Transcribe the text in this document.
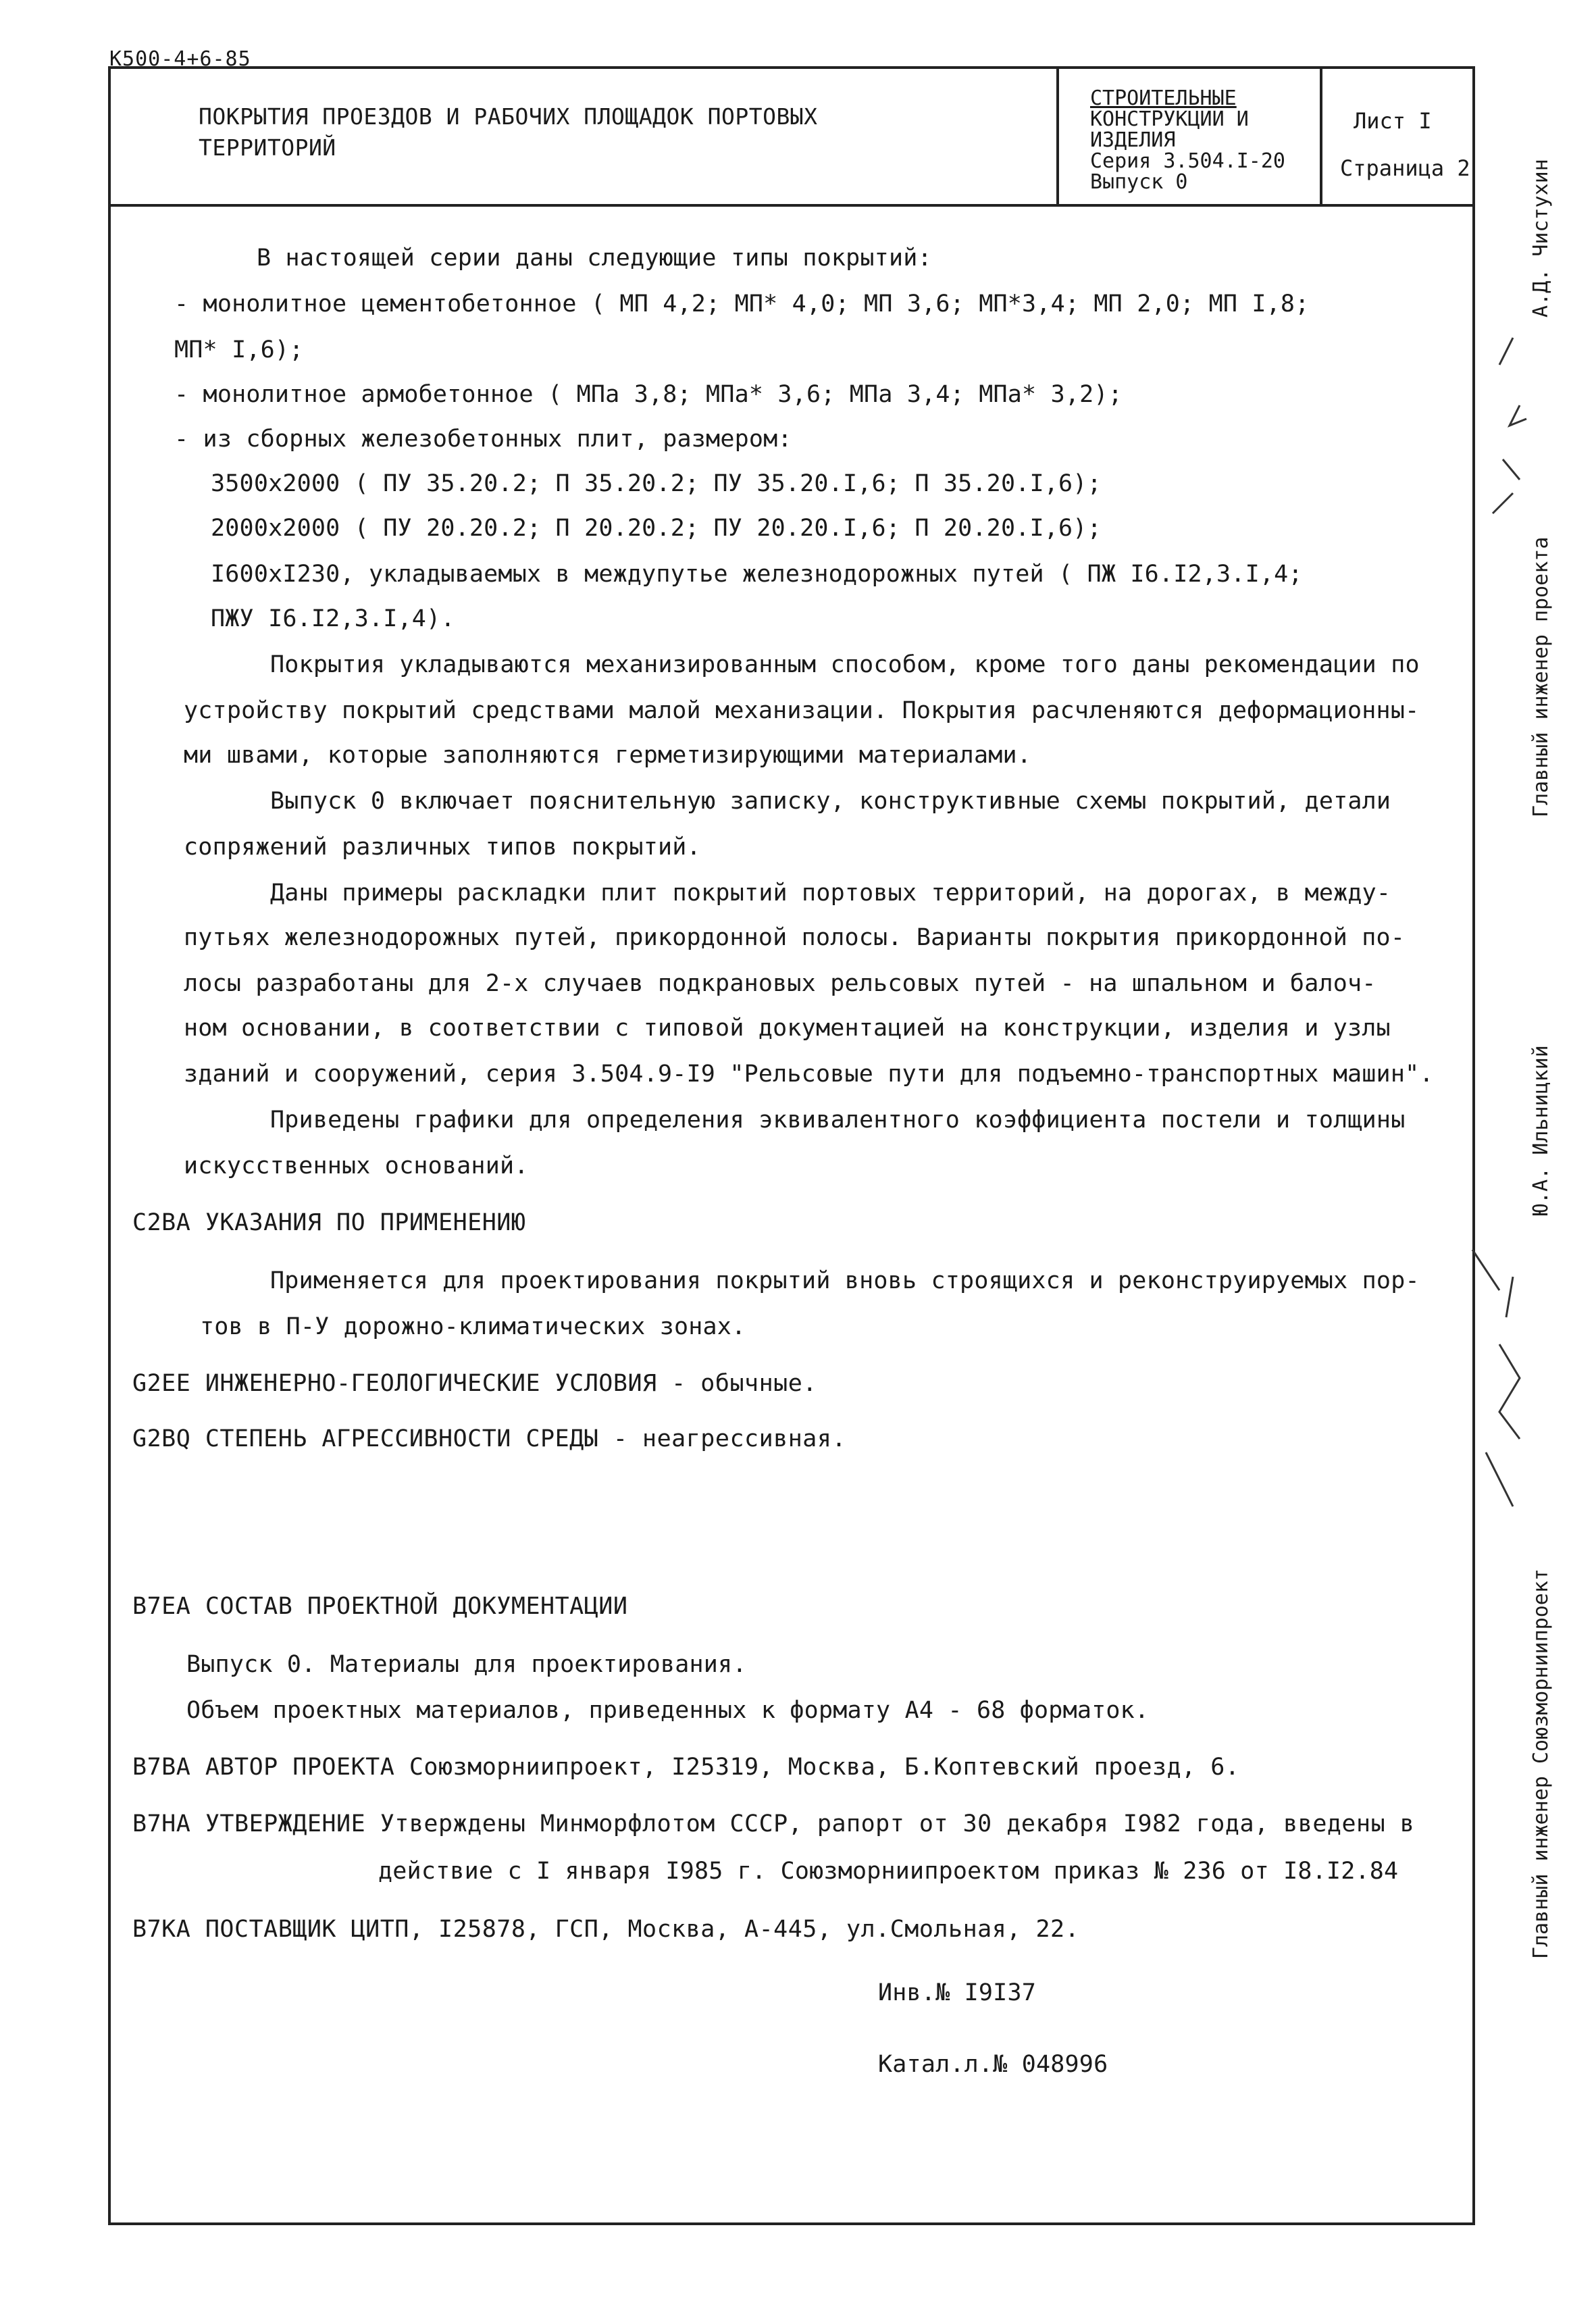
К500-4+6-85
ПОКРЫТИЯ ПРОЕЗДОВ И РАБОЧИХ ПЛОЩАДОК ПОРТОВЫХ
ТЕРРИТОРИЙ
СТРОИТЕЛЬНЫЕ
КОНСТРУКЦИИ И
ИЗДЕЛИЯ
Серия 3.504.I-20
Выпуск 0
Лист I
Страница 2
В настоящей серии даны следующие типы покрытий:
- монолитное цементобетонное ( МП 4,2; МП* 4,0; МП 3,6; МП*3,4; МП 2,0; МП I,8;
МП* I,6);
- монолитное армобетонное ( МПа 3,8; МПа* 3,6; МПа 3,4; МПа* 3,2);
- из сборных железобетонных плит, размером:
3500x2000 ( ПУ 35.20.2; П 35.20.2; ПУ 35.20.I,6; П 35.20.I,6);
2000x2000 ( ПУ 20.20.2; П 20.20.2; ПУ 20.20.I,6; П 20.20.I,6);
I600xI230, укладываемых в междупутье железнодорожных путей ( ПЖ I6.I2,3.I,4;
ПЖУ I6.I2,3.I,4).
Покрытия укладываются механизированным способом, кроме того даны рекомендации по
устройству покрытий средствами малой механизации. Покрытия расчленяются деформационны-
ми швами, которые заполняются герметизирующими материалами.
Выпуск 0 включает пояснительную записку, конструктивные схемы покрытий, детали
сопряжений различных типов покрытий.
Даны примеры раскладки плит покрытий портовых территорий, на дорогах, в между-
путьях железнодорожных путей, прикордонной полосы. Варианты покрытия прикордонной по-
лосы разработаны для 2-х случаев подкрановых рельсовых путей - на шпальном и балоч-
ном основании, в соответствии с типовой документацией на конструкции, изделия и узлы
зданий и сооружений, серия 3.504.9-I9 "Рельсовые пути для подъемно-транспортных машин".
Приведены графики для определения эквивалентного коэффициента постели и толщины
искусственных оснований.
С2ВА УКАЗАНИЯ ПО ПРИМЕНЕНИЮ
Применяется для проектирования покрытий вновь строящихся и реконструируемых пор-
тов в П-У дорожно-климатических зонах.
G2ЕЕ ИНЖЕНЕРНО-ГЕОЛОГИЧЕСКИЕ УСЛОВИЯ - обычные.
G2ВQ СТЕПЕНЬ АГРЕССИВНОСТИ СРЕДЫ - неагрессивная.
В7ЕА СОСТАВ ПРОЕКТНОЙ ДОКУМЕНТАЦИИ
Выпуск 0. Материалы для проектирования.
Объем проектных материалов, приведенных к формату А4 - 68 форматок.
В7ВА АВТОР ПРОЕКТА Союзморниипроект, I25319, Москва, Б.Коптевский проезд, 6.
В7НА УТВЕРЖДЕНИЕ Утверждены Минморфлотом СССР, рапорт от 30 декабря I982 года, введены в
действие с I января I985 г. Союзморниипроектом приказ № 236 от I8.I2.84
В7КА ПОСТАВЩИК ЦИТП, I25878, ГСП, Москва, А-445, ул.Смольная, 22.
Инв.№ I9I37
Катал.л.№ 048996
Главный инженер проекта
А.Д. Чистухин
Ю.А. Ильницкий
Главный инженер Союзморниипроект
